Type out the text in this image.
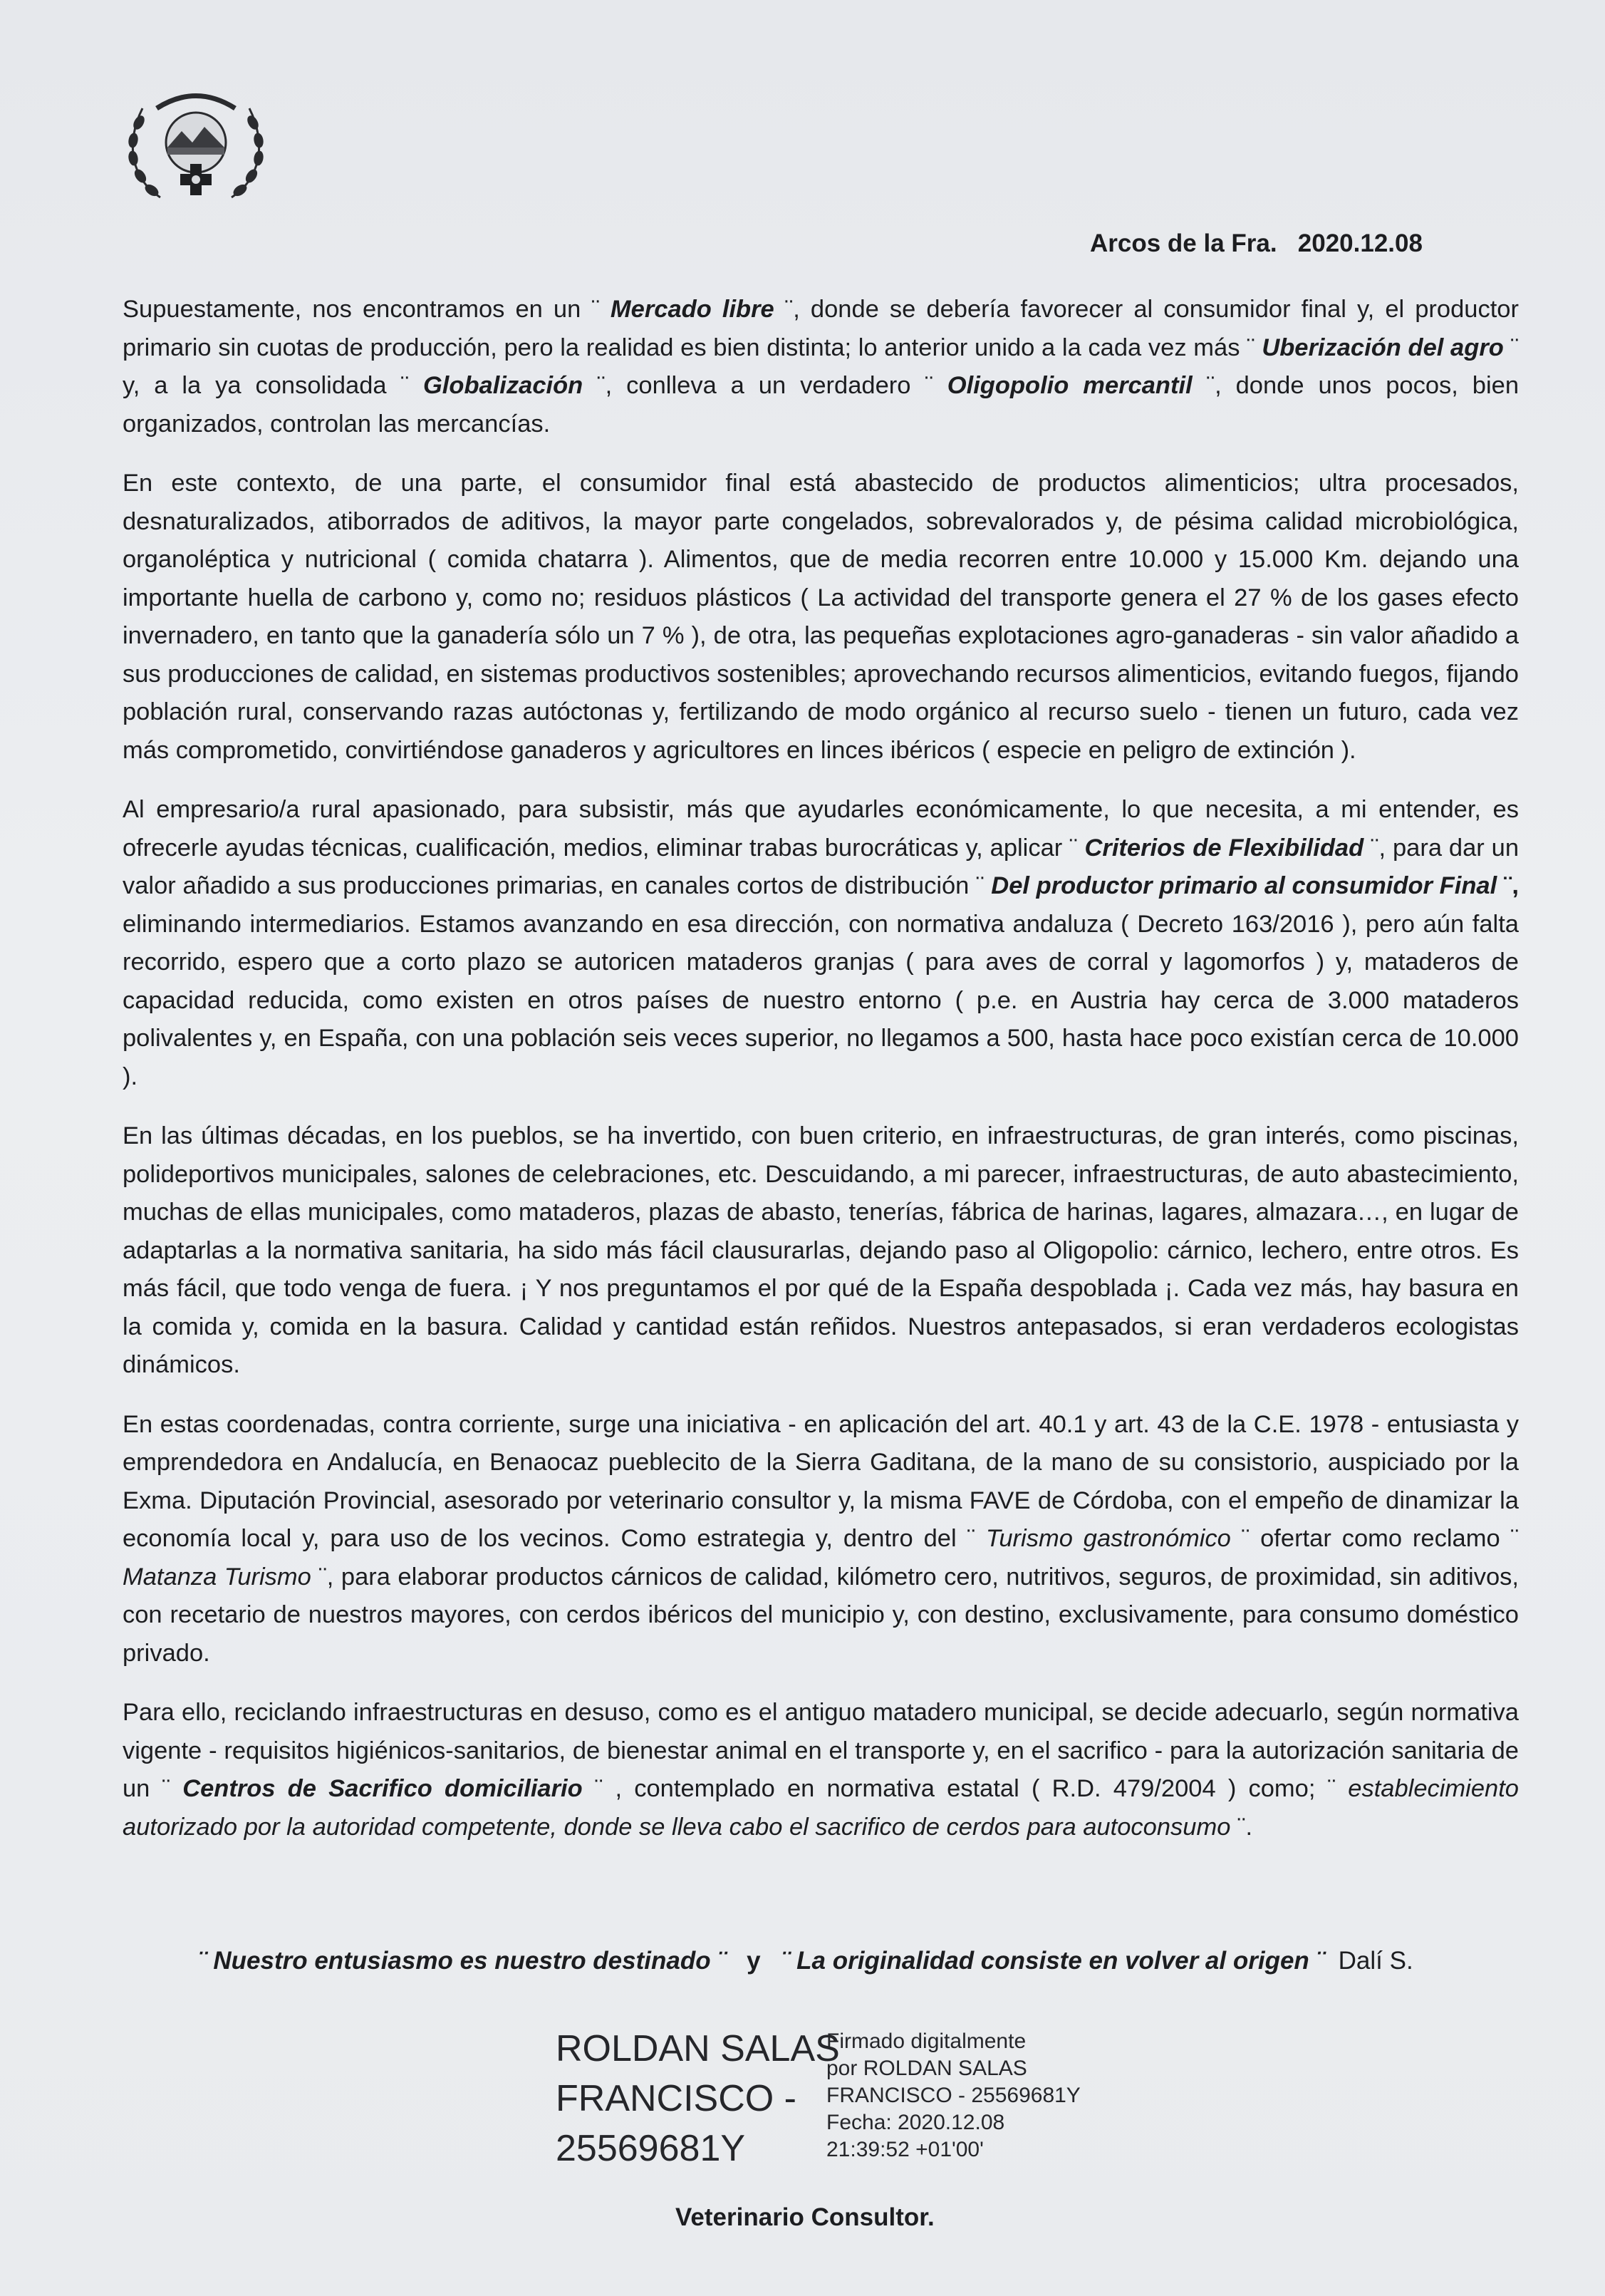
Arcos de la Fra.   2020.12.08

Supuestamente, nos encontramos en un ¨ Mercado libre ¨, donde se debería favorecer al consumidor final y, el productor primario sin cuotas de producción, pero la realidad es bien distinta; lo anterior unido a la cada vez más ¨ Uberización del agro ¨ y, a la ya consolidada ¨ Globalización ¨, conlleva a un verdadero ¨ Oligopolio mercantil ¨, donde unos pocos, bien organizados, controlan las mercancías.

En este contexto, de una parte, el consumidor final está abastecido de productos alimenticios; ultra procesados, desnaturalizados, atiborrados de aditivos, la mayor parte congelados, sobrevalorados y, de pésima calidad microbiológica, organoléptica y nutricional ( comida chatarra ). Alimentos, que de media recorren entre 10.000 y 15.000 Km. dejando una importante huella de carbono y, como no; residuos plásticos ( La actividad del transporte genera el 27 % de los gases efecto invernadero, en tanto que la ganadería sólo un 7 % ), de otra, las pequeñas explotaciones agro-ganaderas - sin valor añadido a sus producciones de calidad, en sistemas productivos sostenibles; aprovechando recursos alimenticios, evitando fuegos, fijando población rural, conservando razas autóctonas y, fertilizando de modo orgánico al recurso suelo - tienen un futuro, cada vez más comprometido, convirtiéndose ganaderos y agricultores en linces ibéricos ( especie en peligro de extinción ).

Al empresario/a rural apasionado, para subsistir, más que ayudarles económicamente, lo que necesita, a mi entender, es ofrecerle ayudas técnicas, cualificación, medios, eliminar trabas burocráticas y, aplicar ¨ Criterios de Flexibilidad ¨, para dar un valor añadido a sus producciones primarias, en canales cortos de distribución ¨ Del productor primario al consumidor Final ¨, eliminando intermediarios. Estamos avanzando en esa dirección, con normativa andaluza ( Decreto 163/2016 ), pero aún falta recorrido, espero que a corto plazo se autoricen mataderos granjas ( para aves de corral y lagomorfos ) y, mataderos de capacidad reducida, como existen en otros países de nuestro entorno ( p.e. en Austria hay cerca de 3.000 mataderos polivalentes y, en España, con una población seis veces superior, no llegamos a 500, hasta hace poco existían cerca de 10.000 ).

En las últimas décadas, en los pueblos, se ha invertido, con buen criterio, en infraestructuras, de gran interés, como piscinas, polideportivos municipales, salones de celebraciones, etc. Descuidando, a mi parecer, infraestructuras, de auto abastecimiento, muchas de ellas municipales, como mataderos, plazas de abasto, tenerías, fábrica de harinas, lagares, almazara…, en lugar de adaptarlas a la normativa sanitaria, ha sido más fácil clausurarlas, dejando paso al Oligopolio: cárnico, lechero, entre otros. Es más fácil, que todo venga de fuera. ¡ Y nos preguntamos el por qué de la España despoblada ¡. Cada vez más, hay basura en la comida y, comida en la basura. Calidad y cantidad están reñidos. Nuestros antepasados, si eran verdaderos ecologistas dinámicos.

En estas coordenadas, contra corriente, surge una iniciativa - en aplicación del art. 40.1 y art. 43 de la C.E. 1978 - entusiasta y emprendedora en Andalucía, en Benaocaz pueblecito de la Sierra Gaditana, de la mano de su consistorio, auspiciado por la Exma. Diputación Provincial, asesorado por veterinario consultor y, la misma FAVE de Córdoba, con el empeño de dinamizar la economía local y, para uso de los vecinos. Como estrategia y, dentro del ¨ Turismo gastronómico ¨ ofertar como reclamo ¨ Matanza Turismo ¨, para elaborar productos cárnicos de calidad, kilómetro cero, nutritivos, seguros, de proximidad, sin aditivos, con recetario de nuestros mayores, con cerdos ibéricos del municipio y, con destino, exclusivamente, para consumo doméstico privado.

Para ello, reciclando infraestructuras en desuso, como es el antiguo matadero municipal, se decide adecuarlo, según normativa vigente - requisitos higiénicos-sanitarios, de bienestar animal en el transporte y, en el sacrifico - para la autorización sanitaria de un ¨ Centros de Sacrifico domiciliario ¨ , contemplado en normativa estatal ( R.D. 479/2004 ) como; ¨ establecimiento autorizado por la autoridad competente, donde se lleva cabo el sacrifico de cerdos para autoconsumo ¨.

¨ Nuestro entusiasmo es nuestro destinado ¨   y   ¨ La originalidad consiste en volver al origen ¨  Dalí S.
ROLDAN SALAS
FRANCISCO -
25569681Y
Firmado digitalmente
por ROLDAN SALAS
FRANCISCO - 25569681Y
Fecha: 2020.12.08
21:39:52 +01'00'
Veterinario Consultor.
